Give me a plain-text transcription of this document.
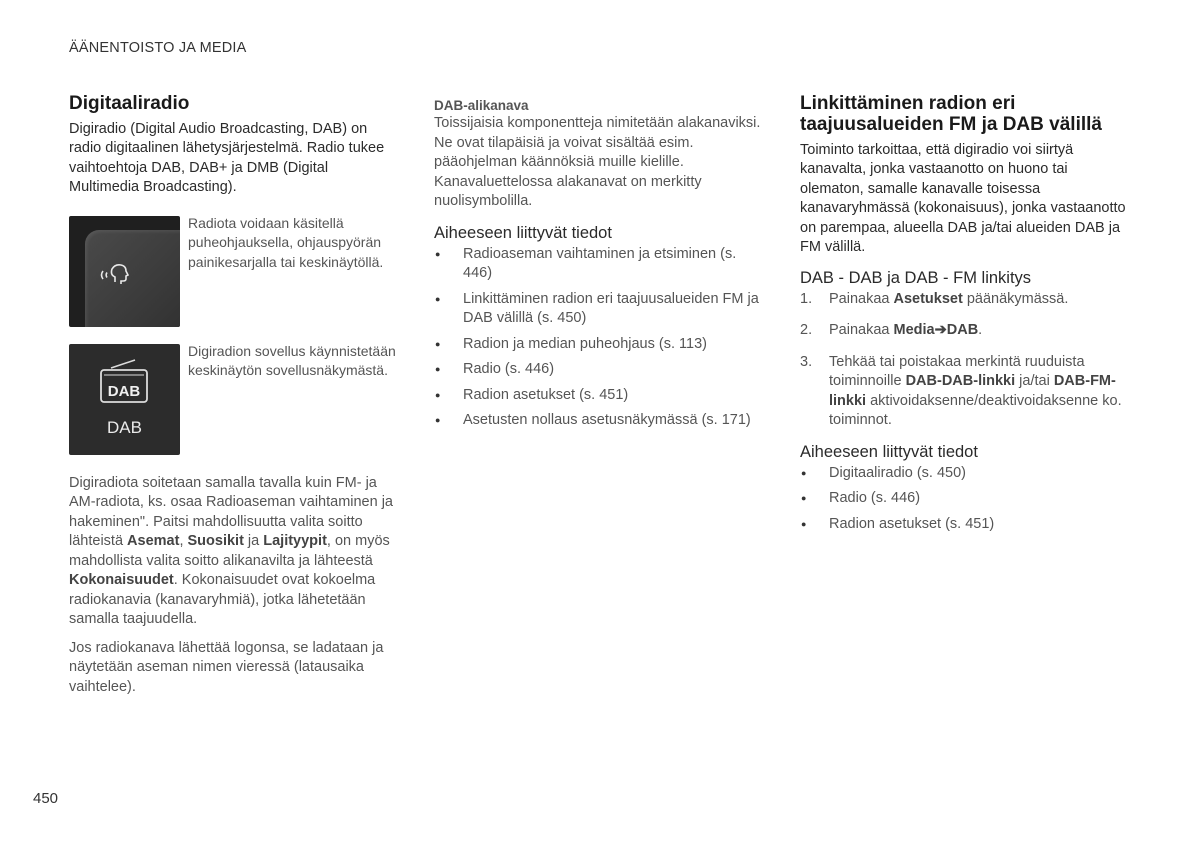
ÄÄNENTOISTO JA MEDIA
Digitaaliradio

Digiradio (Digital Audio Broadcasting, DAB) on radio digitaalinen lähetysjärjestelmä. Radio tukee vaihtoehtoja DAB, DAB+ ja DMB (Digital Multimedia Broadcasting).

Radiota voidaan käsitellä puheohjauksella, ohjauspyörän painikesarjalla tai keskinäytöllä.
DAB
DAB
Digiradion sovellus käynnistetään keskinäytön sovellusnäkymästä.

Digiradiota soitetaan samalla tavalla kuin FM- ja AM-radiota, ks. osaa Radioaseman vaihtaminen ja hakeminen". Paitsi mahdollisuutta valita soitto lähteistä Asemat, Suosikit ja Lajityypit, on myös mahdollista valita soitto alikanavilta ja lähteestä Kokonaisuudet. Kokonaisuudet ovat kokoelma radiokanavia (kanavaryhmiä), jotka lähetetään samalla taajuudella.

Jos radiokanava lähettää logonsa, se ladataan ja näytetään aseman nimen vieressä (latausaika vaihtelee).

DAB-alikanava

Toissijaisia komponentteja nimitetään alakanaviksi. Ne ovat tilapäisiä ja voivat sisältää esim. pääohjelman käännöksiä muille kielille. Kanavaluettelossa alakanavat on merkitty nuolisymbolilla.

Aiheeseen liittyvät tiedot
● Radioaseman vaihtaminen ja etsiminen (s. 446)
● Linkittäminen radion eri taajuusalueiden FM ja DAB välillä (s. 450)
● Radion ja median puheohjaus (s. 113)
● Radio (s. 446)
● Radion asetukset (s. 451)
● Asetusten nollaus asetusnäkymässä (s. 171)
Linkittäminen radion eri taajuusalueiden FM ja DAB välillä

Toiminto tarkoittaa, että digiradio voi siirtyä kanavalta, jonka vastaanotto on huono tai olematon, samalle kanavalle toisessa kanavaryhmässä (kokonaisuus), jonka vastaanotto on parempaa, alueella DAB ja/tai alueiden DAB ja FM välillä.

DAB - DAB ja DAB - FM linkitys
1. Painakaa Asetukset päänäkymässä.
2. Painakaa Media➔DAB.
3. Tehkää tai poistakaa merkintä ruuduista toiminnoille DAB-DAB-linkki ja/tai DAB-FM-linkki aktivoidaksenne/deaktivoidaksenne ko. toiminnot.
Aiheeseen liittyvät tiedot
● Digitaaliradio (s. 450)
● Radio (s. 446)
● Radion asetukset (s. 451)
450
